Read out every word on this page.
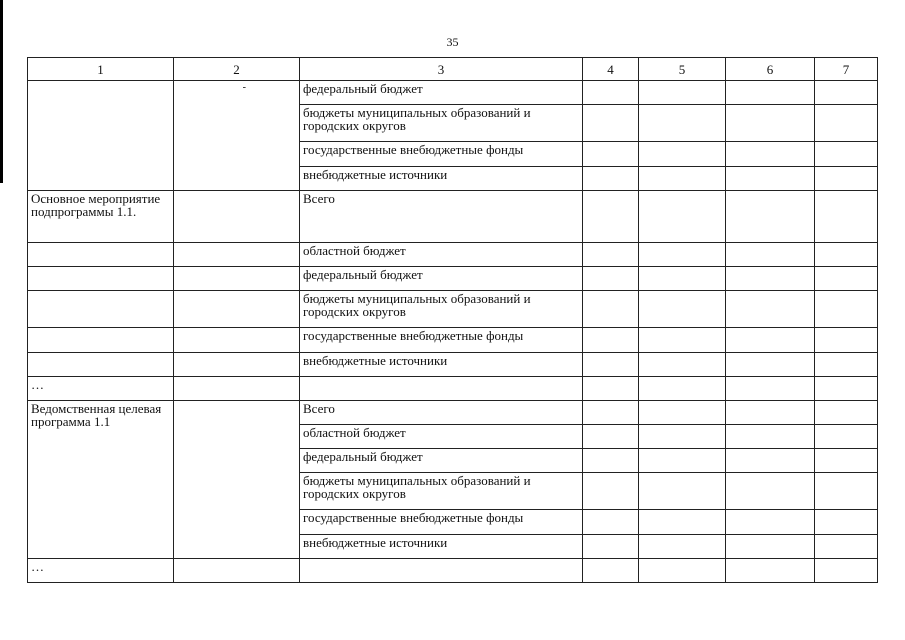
35
1	2	3	4	5	6	7

	-	федеральный бюджет				
		бюджеты муниципальных образований и городских округов				
		государственные внебюджетные фонды				
		внебюджетные источники				
Основное мероприятие подпрограммы 1.1.		Всего				
		областной бюджет				
		федеральный бюджет				
		бюджеты муниципальных образований и городских округов				
		государственные внебюджетные фонды				
		внебюджетные источники				
…						
Ведомственная целевая программа 1.1		Всего				
		областной бюджет				
		федеральный бюджет				
		бюджеты муниципальных образований и городских округов				
		государственные внебюджетные фонды				
		внебюджетные источники				
…						
